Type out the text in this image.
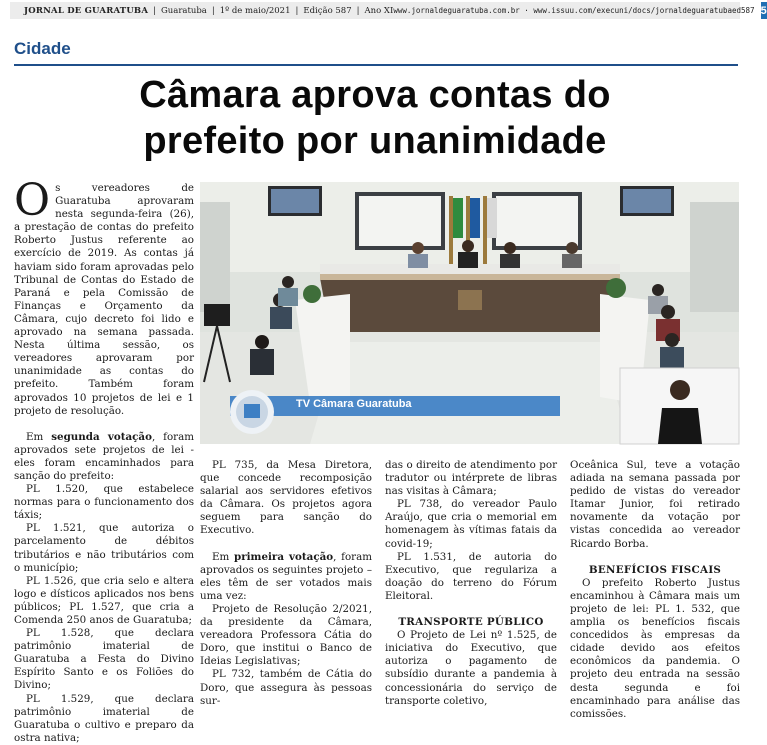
JORNAL DE GUARATUBA | Guaratuba | 1º de maio/2021 | Edição 587 | Ano XI www.jornaldeguaratuba.com.br · www.issuu.com/execuni/docs/jornaldeguaratubaed587 5
Cidade
Câmara aprova contas do
prefeito por unanimidade

Os vereadores de Guaratuba aprovaram nesta segunda-feira (26), a prestação de contas do prefeito Roberto Justus referente ao exercício de 2019. As contas já haviam sido foram aprovadas pelo Tribunal de Contas do Estado de Paraná e pela Comissão de Finanças e Orçamento da Câmara, cujo decreto foi lido e aprovado na semana passada. Nesta última sessão, os vereadores aprovaram por unanimidade as contas do prefeito. Também foram aprovados 10 projetos de lei e 1 projeto de resolução.

Em segunda votação, foram aprovados sete projetos de lei - eles foram encaminhados para sanção do prefeito:

PL 1.520, que estabelece normas para o funcionamento dos táxis;

PL 1.521, que autoriza o parcelamento de débitos tributários e não tributários com o município;

PL 1.526, que cria selo e altera logo e dísticos aplicados nos bens públicos; PL 1.527, que cria a Comenda 250 anos de Guaratuba;

PL 1.528, que declara patrimônio imaterial de Guaratuba a Festa do Divino Espírito Santo e os Foliões do Divino;

PL 1.529, que declara patrimônio imaterial de Guaratuba o cultivo e preparo da ostra nativa;

TV Câmara Guaratuba

PL 735, da Mesa Diretora, que concede recomposição salarial aos servidores efetivos da Câmara. Os projetos agora seguem para sanção do Executivo.

Em primeira votação, foram aprovados os seguintes projeto – eles têm de ser votados mais uma vez:

Projeto de Resolução 2/2021, da presidente da Câmara, vereadora Professora Cátia do Doro, que institui o Banco de Ideias Legislativas;

PL 732, também de Cátia do Doro, que assegura às pessoas sur-

das o direito de atendimento por tradutor ou intérprete de libras nas visitas à Câmara;

PL 738, do vereador Paulo Araújo, que cria o memorial em homenagem às vítimas fatais da covid-19;

PL 1.531, de autoria do Executivo, que regulariza a doação do terreno do Fórum Eleitoral.

TRANSPORTE PÚBLICO

O Projeto de Lei nº 1.525, de iniciativa do Executivo, que autoriza o pagamento de subsídio durante a pandemia à concessionária do serviço de transporte coletivo,

Oceânica Sul, teve a votação adiada na semana passada por pedido de vistas do vereador Itamar Junior, foi retirado novamente da votação por vistas concedida ao vereador Ricardo Borba.

BENEFÍCIOS FISCAIS

O prefeito Roberto Justus encaminhou à Câmara mais um projeto de lei: PL 1. 532, que amplia os benefícios fiscais concedidos às empresas da cidade devido aos efeitos econômicos da pandemia. O projeto deu entrada na sessão desta segunda e foi encaminhado para análise das comissões.
